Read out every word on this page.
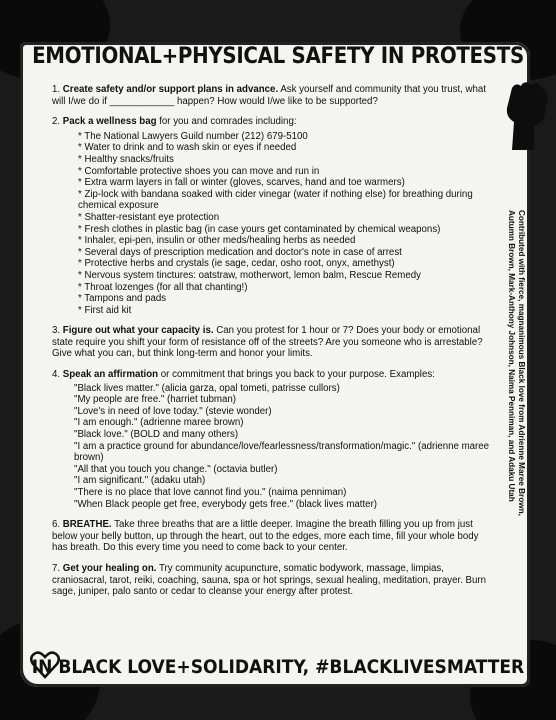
EMOTIONAL+PHYSICAL SAFETY IN PROTESTS

1. Create safety and/or support plans in advance. Ask yourself and community that you trust, what will I/we do if ____________ happen? How would I/we like to be supported?

2. Pack a wellness bag for you and comrades including:

* The National Lawyers Guild number (212) 679-5100
* Water to drink and to wash skin or eyes if needed
* Healthy snacks/fruits
* Comfortable protective shoes you can move and run in
* Extra warm layers in fall or winter (gloves, scarves, hand and toe warmers)
* Zip-lock with bandana soaked with cider vinegar (water if nothing else) for breathing during chemical exposure
* Shatter-resistant eye protection
* Fresh clothes in plastic bag (in case yours get contaminated by chemical weapons)
* Inhaler, epi-pen, insulin or other meds/healing herbs as needed
* Several days of prescription medication and doctor's note in case of arrest
* Protective herbs and crystals (ie sage, cedar, osho root, onyx, amethyst)
* Nervous system tinctures: oatstraw, motherwort, lemon balm, Rescue Remedy
* Throat lozenges (for all that chanting!)
* Tampons and pads
* First aid kit

3. Figure out what your capacity is. Can you protest for 1 hour or 7? Does your body or emotional state require you shift your form of resistance off of the streets? Are you someone who is arrestable? Give what you can, but think long-term and honor your limits.

4. Speak an affirmation or commitment that brings you back to your purpose. Examples:

"Black lives matter." (alicia garza, opal tometi, patrisse cullors)
"My people are free." (harriet tubman)
"Love's in need of love today." (stevie wonder)
"I am enough." (adrienne maree brown)
"Black love." (BOLD and many others)
"I am a practice ground for abundance/love/fearlessness/transformation/magic." (adrienne maree brown)
"All that you touch you change." (octavia butler)
"I am significant." (adaku utah)
"There is no place that love cannot find you." (naima penniman)
"When Black people get free, everybody gets free." (black lives matter)

6. BREATHE. Take three breaths that are a little deeper. Imagine the breath filling you up from just below your belly button, up through the heart, out to the edges, more each time, fill your whole body has breath. Do this every time you need to come back to your center.

7. Get your healing on. Try community acupuncture, somatic bodywork, massage, limpias, craniosacral, tarot, reiki, coaching, sauna, spa or hot springs, sexual healing, meditation, prayer. Burn sage, juniper, palo santo or cedar to cleanse your energy after protest.

Contributed with fierce, magnanimous Black love from Adrienne Maree Brown, Autumn Brown, Mark-Anthony Johnson, Naima Penniman, and Adaku Utah
IN BLACK LOVE+SOLIDARITY, #BLACKLIVESMATTER
